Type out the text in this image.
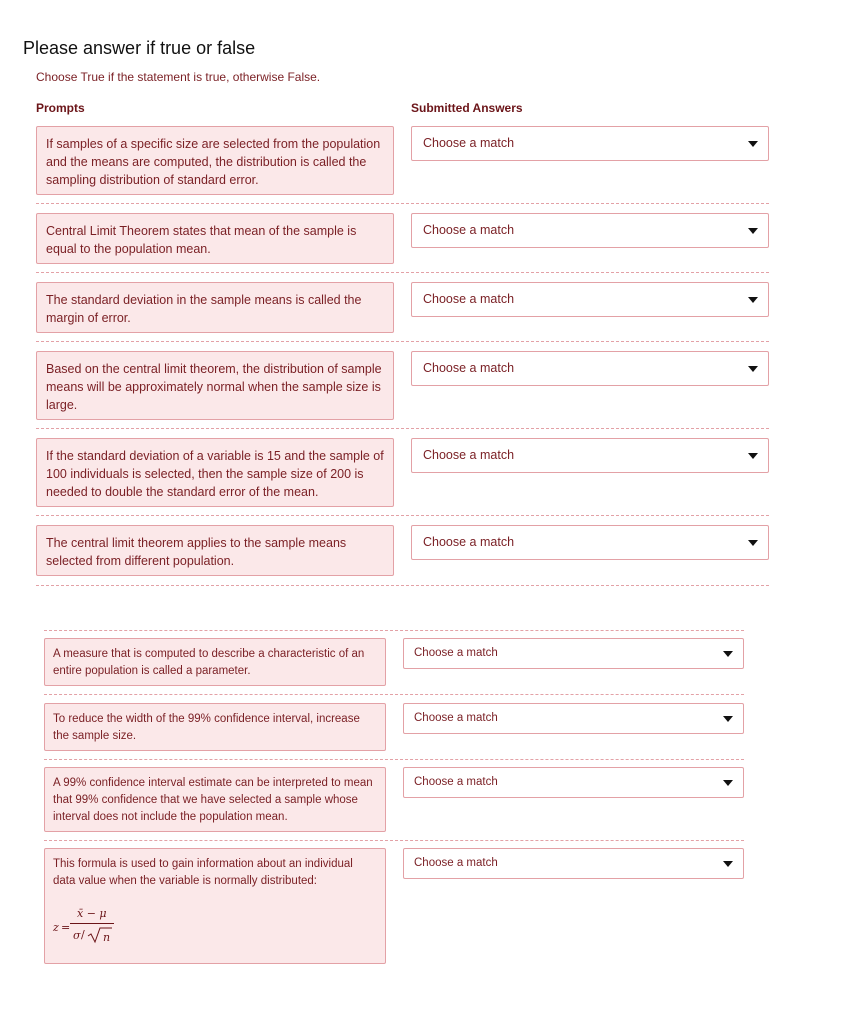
Please answer if true or false
Choose True if the statement is true, otherwise False.
Prompts	Submitted Answers
If samples of a specific size are selected from the population and the means are computed, the distribution is called the sampling distribution of standard error.
Choose a match
Central Limit Theorem states that mean of the sample is equal to the population mean.
Choose a match
The standard deviation in the sample means is called the margin of error.
Choose a match
Based on the central limit theorem, the distribution of sample means will be approximately normal when the sample size is large.
Choose a match
If the standard deviation of a variable is 15 and the sample of 100 individuals is selected, then the sample size of 200 is needed to double the standard error of the mean.
Choose a match
The central limit theorem applies to the sample means selected from different population.
Choose a match
A measure that is computed to describe a characteristic of an entire population is called a parameter.
Choose a match
To reduce the width of the 99% confidence interval, increase the sample size.
Choose a match
A 99% confidence interval estimate can be interpreted to mean that 99% confidence that we have selected a sample whose interval does not include the population mean.
Choose a match
This formula is used to gain information about an individual data value when the variable is normally distributed:
z =
x̄ − μ
σ / n
Choose a match
